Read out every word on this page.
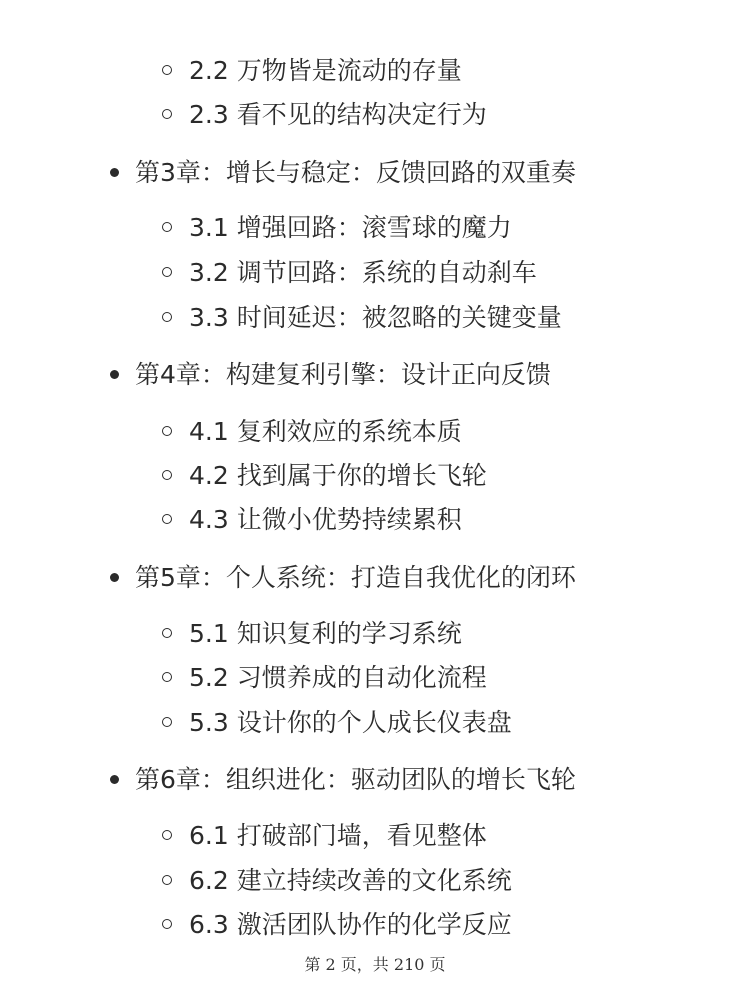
2.2 万物皆是流动的存量
2.3 看不见的结构决定行为
第3章：增长与稳定：反馈回路的双重奏
3.1 增强回路：滚雪球的魔力
3.2 调节回路：系统的自动刹车
3.3 时间延迟：被忽略的关键变量
第4章：构建复利引擎：设计正向反馈
4.1 复利效应的系统本质
4.2 找到属于你的增长飞轮
4.3 让微小优势持续累积
第5章：个人系统：打造自我优化的闭环
5.1 知识复利的学习系统
5.2 习惯养成的自动化流程
5.3 设计你的个人成长仪表盘
第6章：组织进化：驱动团队的增长飞轮
6.1 打破部门墙，看见整体
6.2 建立持续改善的文化系统
6.3 激活团队协作的化学反应
第 2 页，共 210 页
